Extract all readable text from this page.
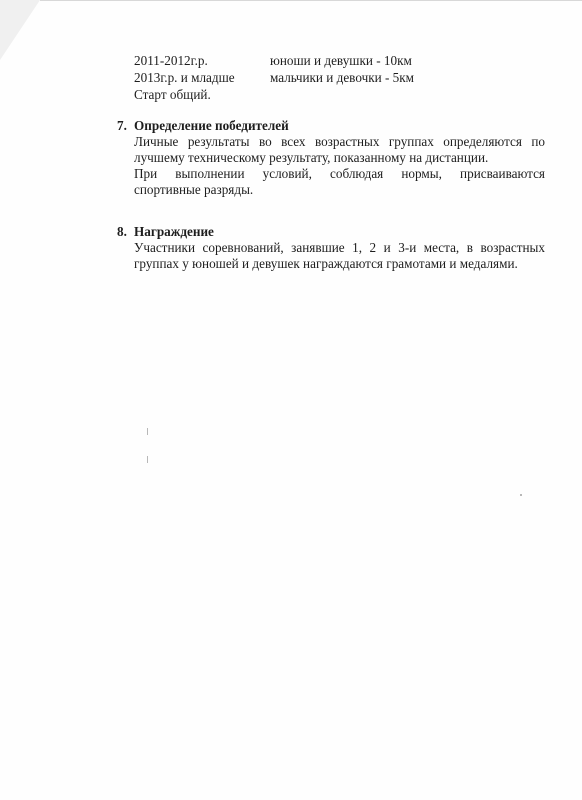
2011-2012г.р.	юноши и девушки - 10км
2013г.р. и младше	мальчики и девочки - 5км
Старт общий.
7. Определение победителей
Личные результаты во всех возрастных группах определяются по
лучшему техническому результату, показанному на дистанции.
При выполнении условий, соблюдая нормы, присваиваются
спортивные разряды.
8. Награждение
Участники соревнований, занявшие 1, 2 и 3-и места, в возрастных
группах у юношей и девушек награждаются грамотами и медалями.
